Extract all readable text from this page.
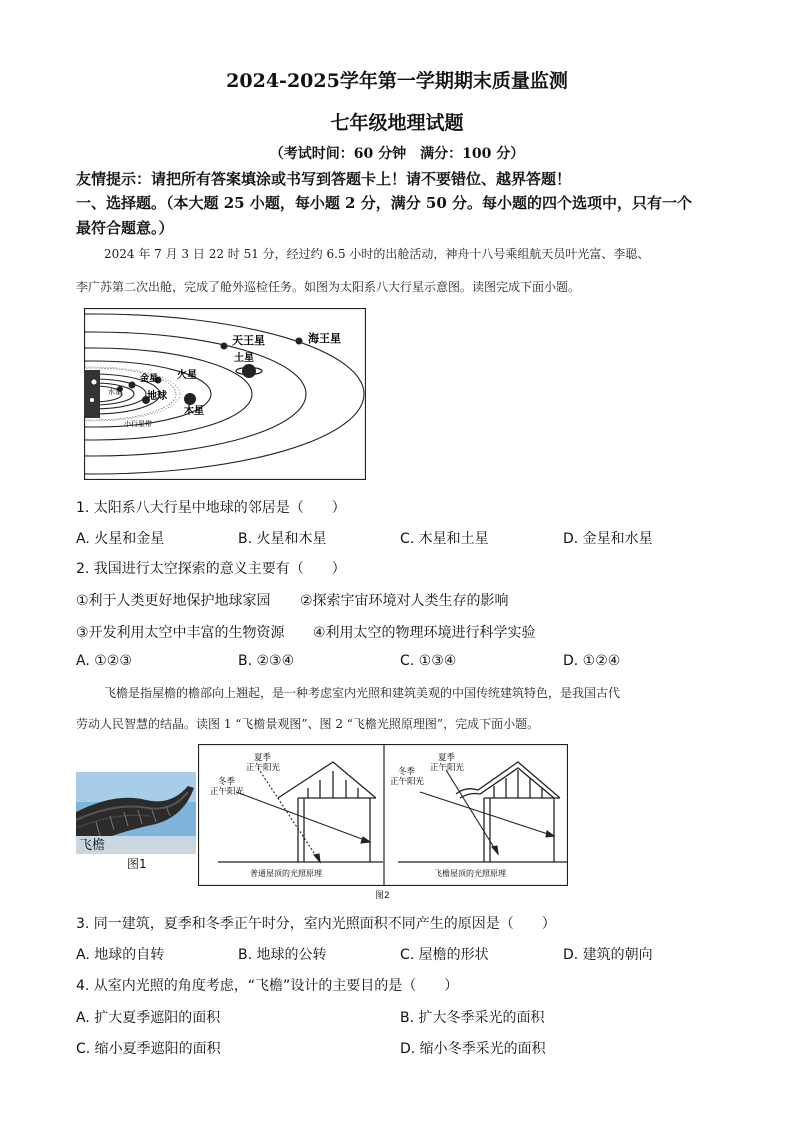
2024-2025学年第一学期期末质量监测
七年级地理试题
（考试时间：60 分钟　满分：100 分）
友情提示：请把所有答案填涂或书写到答题卡上！请不要错位、越界答题！
一、选择题。（本大题 25 小题，每小题 2 分，满分 50 分。每小题的四个选项中，只有一个
最符合题意。）
2024 年 7 月 3 日 22 时 51 分，经过约 6.5 小时的出舱活动，神舟十八号乘组航天员叶光富、李聪、
李广苏第二次出舱，完成了舱外巡检任务。如图为太阳系八大行星示意图。读图完成下面小题。
天王星	海王星
土星
火星
金星
地球
木星
水星
小行星带
1. 太阳系八大行星中地球的邻居是（　　）
A. 火星和金星	B. 火星和木星	C. 木星和土星	D. 金星和水星
2. 我国进行太空探索的意义主要有（　　）
①利于人类更好地保护地球家园 ②探索宇宙环境对人类生存的影响
③开发利用太空中丰富的生物资源 ④利用太空的物理环境进行科学实验
A. ①②③	B. ②③④	C. ①③④	D. ①②④
飞檐是指屋檐的檐部向上翘起，是一种考虑室内光照和建筑美观的中国传统建筑特色，是我国古代
劳动人民智慧的结晶。读图 1 “飞檐景观图”、图 2 “飞檐光照原理图”，完成下面小题。
飞檐
图1
夏季
正午阳光
冬季
正午阳光
普通屋顶的光照原理
夏季
正午阳光
冬季
正午阳光
飞檐屋顶的光照原理
图2
3. 同一建筑，夏季和冬季正午时分，室内光照面积不同产生的原因是（　　）
A. 地球的自转	B. 地球的公转	C. 屋檐的形状	D. 建筑的朝向
4. 从室内光照的角度考虑，“飞檐”设计的主要目的是（　　）
A. 扩大夏季遮阳的面积	B. 扩大冬季采光的面积
C. 缩小夏季遮阳的面积	D. 缩小冬季采光的面积
